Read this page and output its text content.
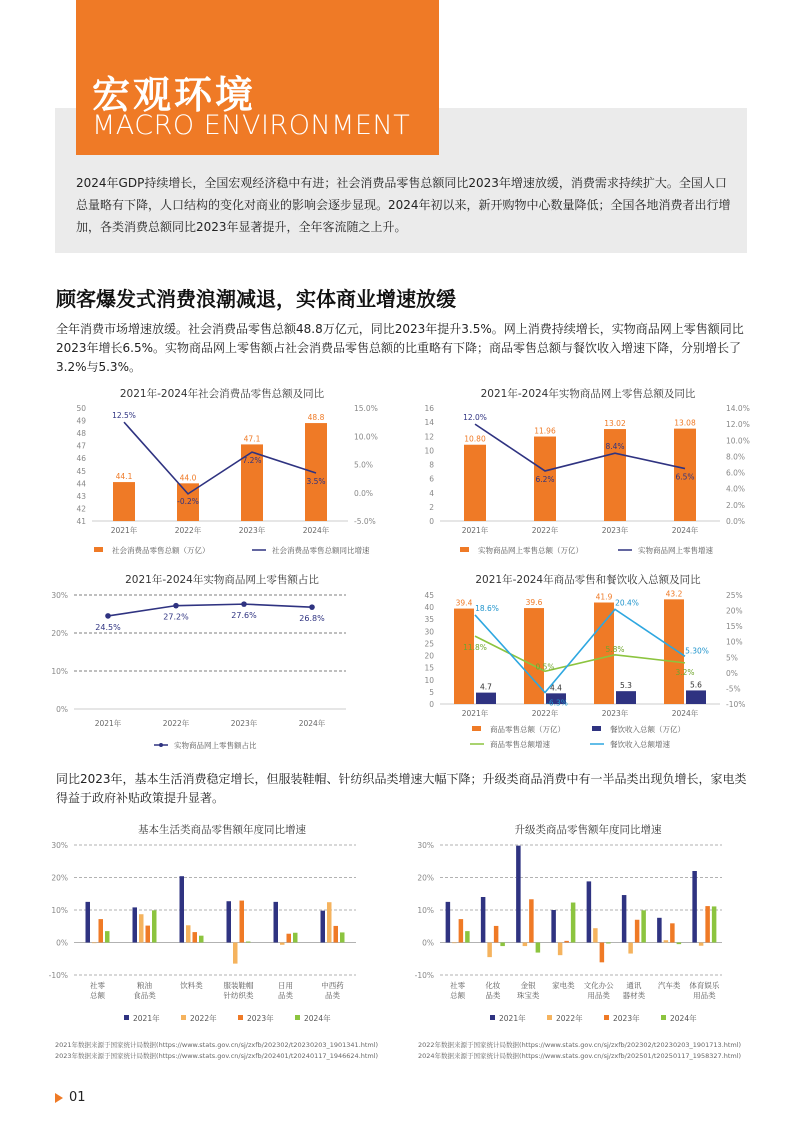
宏观环境
MACRO ENVIRONMENT
2024年GDP持续增长，全国宏观经济稳中有进；社会消费品零售总额同比2023年增速放缓，消费需求持续扩大。全国人口总量略有下降，人口结构的变化对商业的影响会逐步显现。2024年初以来，新开购物中心数量降低；全国各地消费者出行增加，各类消费总额同比2023年显著提升，全年客流随之上升。
顾客爆发式消费浪潮减退，实体商业增速放缓
全年消费市场增速放缓。社会消费品零售总额48.8万亿元，同比2023年提升3.5%。网上消费持续增长，实物商品网上零售额同比2023年增长6.5%。实物商品网上零售额占社会消费品零售总额的比重略有下降；商品零售总额与餐饮收入增速下降，分别增长了3.2%与5.3%。
2021年-2024年社会消费品零售总额及同比
50
49
48
47
46
45
44
43
42
41
15.0%
10.0%
5.0%
0.0%
-5.0%
2021年
44.1
2022年
44.0
2023年
47.1
2024年
48.8
12.5%
-0.2%
7.2%
3.5%
社会消费品零售总额（万亿）	社会消费品零售总额同比增速
2021年-2024年实物商品网上零售总额及同比
16
14
12
10
8
6
4
2
0
14.0%
12.0%
10.0%
8.0%
6.0%
4.0%
2.0%
0.0%
2021年
10.80
2022年
11.96
2023年
13.02
2024年
13.08
12.0%
6.2%
8.4%
6.5%
实物商品网上零售总额（万亿）	实物商品网上零售增速
2021年-2024年实物商品网上零售额占比
30%
20%
10%
0%
24.5%
27.2%	27.6%	26.8%
2021年	2022年	2023年	2024年
实物商品网上零售额占比
2021年-2024年商品零售和餐饮收入总额及同比
45
40
35
30
25
20
15
10
5
0
25%
20%
15%
10%
5%
0%
-5%
-10%
2021年
39.4
4.7
2022年
39.6
4.4
2023年
41.9
5.3
2024年
43.2
5.6
11.8%
0.5%
5.8%
3.2%
18.6%
-6.3%
20.4%
5.30%
商品零售总额（万亿）	餐饮收入总额（万亿）
商品零售总额增速	餐饮收入总额增速
同比2023年，基本生活消费稳定增长，但服装鞋帽、针纺织品类增速大幅下降；升级类商品消费中有一半品类出现负增长，家电类得益于政府补贴政策提升显著。
基本生活类商品零售额年度同比增速
30%
20%
10%
0%
-10%
社零
总额
粮油
食品类
饮料类	服装鞋帽
针纺织类
日用
品类
中西药
品类
2021年	2022年	2023年	2024年
升级类商品零售额年度同比增速
30%
20%
10%
0%
-10%
社零
总额
化妆
品类
金银
珠宝类
家电类 文化办公
用品类
通讯
器材类
汽车类 体育娱乐
用品类
2021年	2022年	2023年	2024年
2021年数据来源于国家统计局数据(https://www.stats.gov.cn/sj/zxfb/202302/t20230203_1901341.html)
2023年数据来源于国家统计局数据(https://www.stats.gov.cn/sj/zxfb/202401/t20240117_1946624.html)
2022年数据来源于国家统计局数据(https://www.stats.gov.cn/sj/zxfb/202302/t20230203_1901713.html)
2024年数据来源于国家统计局数据(https://www.stats.gov.cn/sj/zxfb/202501/t20250117_1958327.html)
01
